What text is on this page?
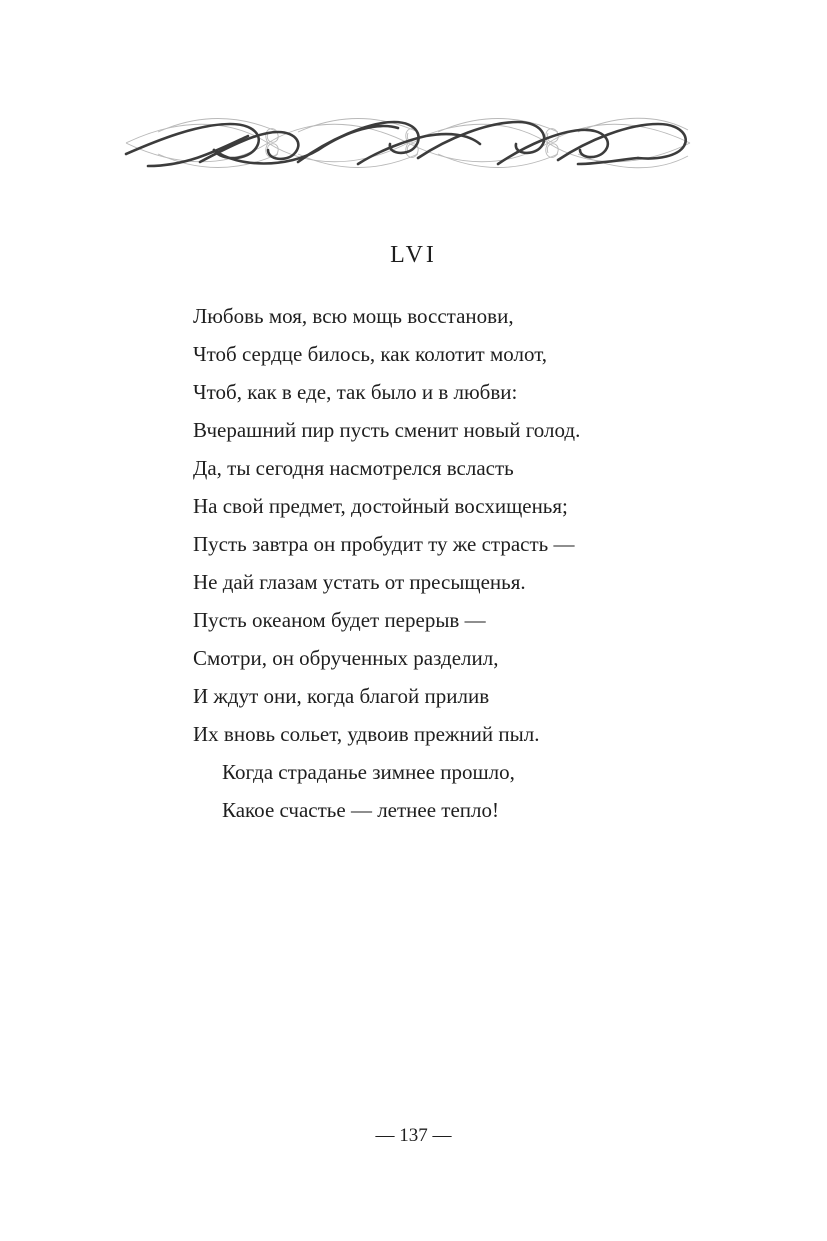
LVI
Любовь моя, всю мощь восстанови,
Чтоб сердце билось, как колотит молот,
Чтоб, как в еде, так было и в любви:
Вчерашний пир пусть сменит новый голод.
Да, ты сегодня насмотрелся всласть
На свой предмет, достойный восхищенья;
Пусть завтра он пробудит ту же страсть —
Не дай глазам устать от пресыщенья.
Пусть океаном будет перерыв —
Смотри, он обрученных разделил,
И ждут они, когда благой прилив
Их вновь сольет, удвоив прежний пыл.
Когда страданье зимнее прошло,
Какое счастье — летнее тепло!
— 137 —
